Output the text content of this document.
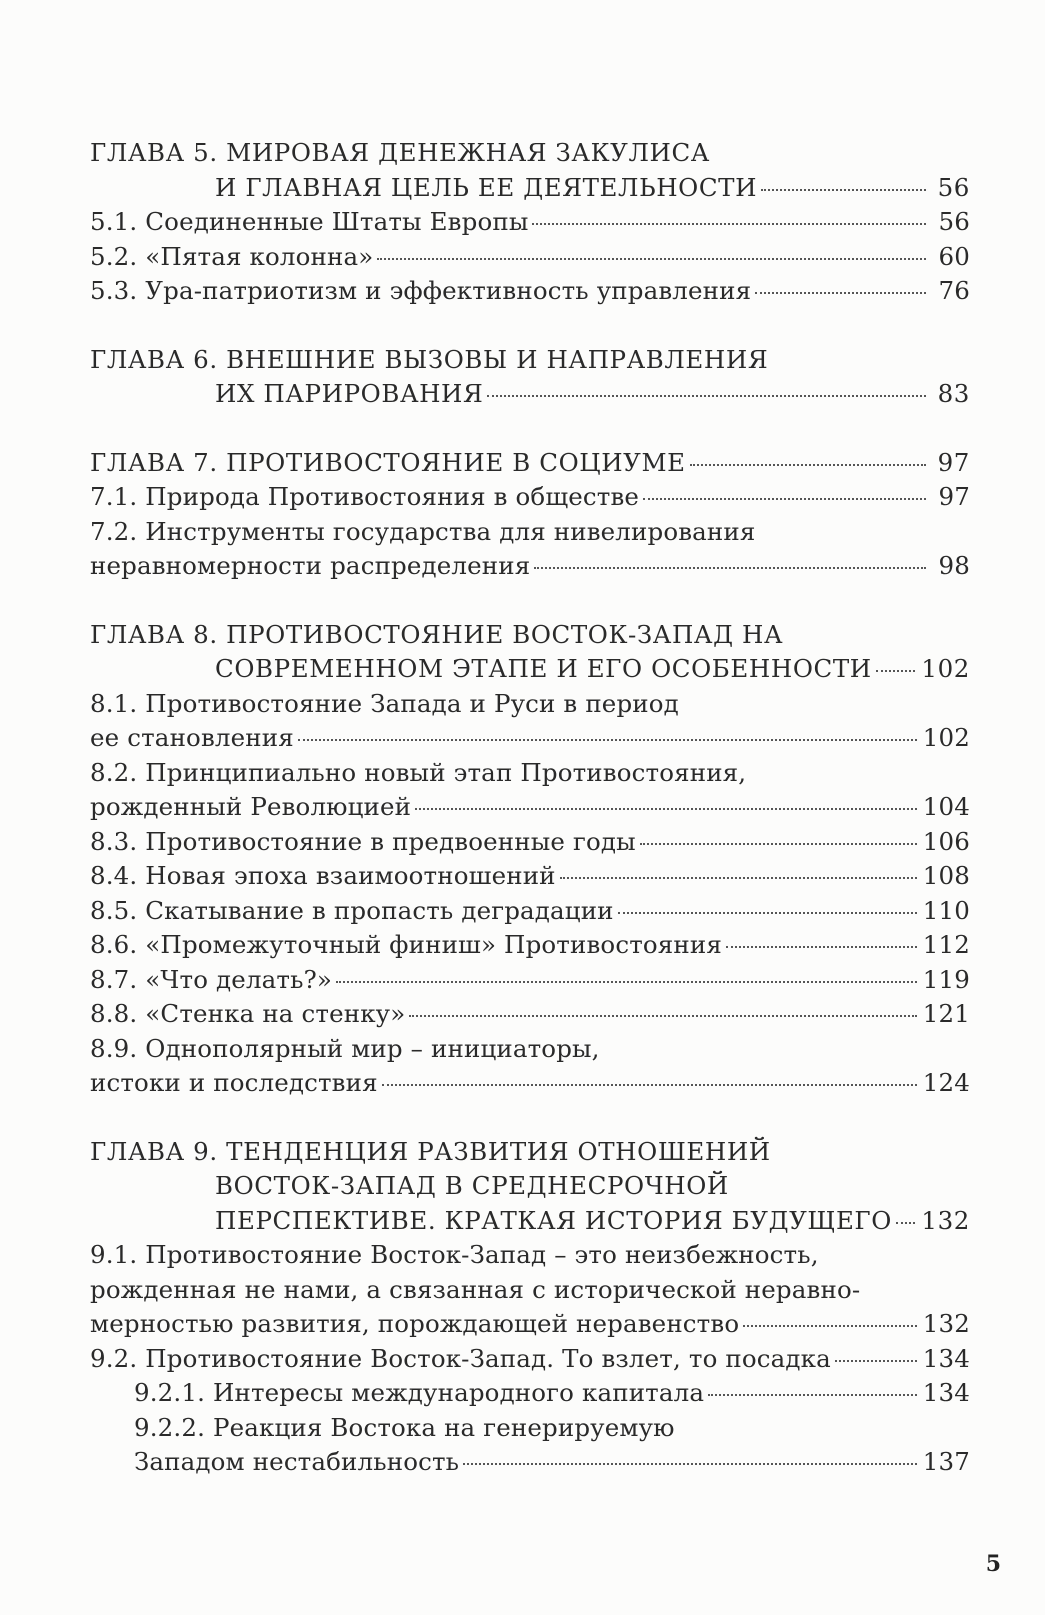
ГЛАВА 5. МИРОВАЯ ДЕНЕЖНАЯ ЗАКУЛИСА
И ГЛАВНАЯ ЦЕЛЬ ЕЕ ДЕЯТЕЛЬНОСТИ	56
5.1. Соединенные Штаты Европы	56
5.2. «Пятая колонна»	60
5.3. Ура-патриотизм и эффективность управления	76
ГЛАВА 6. ВНЕШНИЕ ВЫЗОВЫ И НАПРАВЛЕНИЯ
ИХ ПАРИРОВАНИЯ	83
ГЛАВА 7. ПРОТИВОСТОЯНИЕ В СОЦИУМЕ	97
7.1. Природа Противостояния в обществе	97
7.2. Инструменты государства для нивелирования
неравномерности распределения	98
ГЛАВА 8. ПРОТИВОСТОЯНИЕ ВОСТОК-ЗАПАД НА
СОВРЕМЕННОМ ЭТАПЕ И ЕГО ОСОБЕННОСТИ 102
8.1. Противостояние Запада и Руси в период
ее становления	102
8.2. Принципиально новый этап Противостояния,
рожденный Революцией	104
8.3. Противостояние в предвоенные годы	106
8.4. Новая эпоха взаимоотношений	108
8.5. Скатывание в пропасть деградации	110
8.6. «Промежуточный финиш» Противостояния	112
8.7. «Что делать?»	119
8.8. «Стенка на стенку»	121
8.9. Однополярный мир – инициаторы,
истоки и последствия	124
ГЛАВА 9. ТЕНДЕНЦИЯ РАЗВИТИЯ ОТНОШЕНИЙ
ВОСТОК-ЗАПАД В СРЕДНЕСРОЧНОЙ
ПЕРСПЕКТИВЕ. КРАТКАЯ ИСТОРИЯ БУДУЩЕГО 132
9.1. Противостояние Восток-Запад – это неизбежность,
рожденная не нами, а связанная с исторической неравно-
мерностью развития, порождающей неравенство	132
9.2. Противостояние Восток-Запад. То взлет, то посадка	134
9.2.1. Интересы международного капитала	134
9.2.2. Реакция Востока на генерируемую
Западом нестабильность	137
5
